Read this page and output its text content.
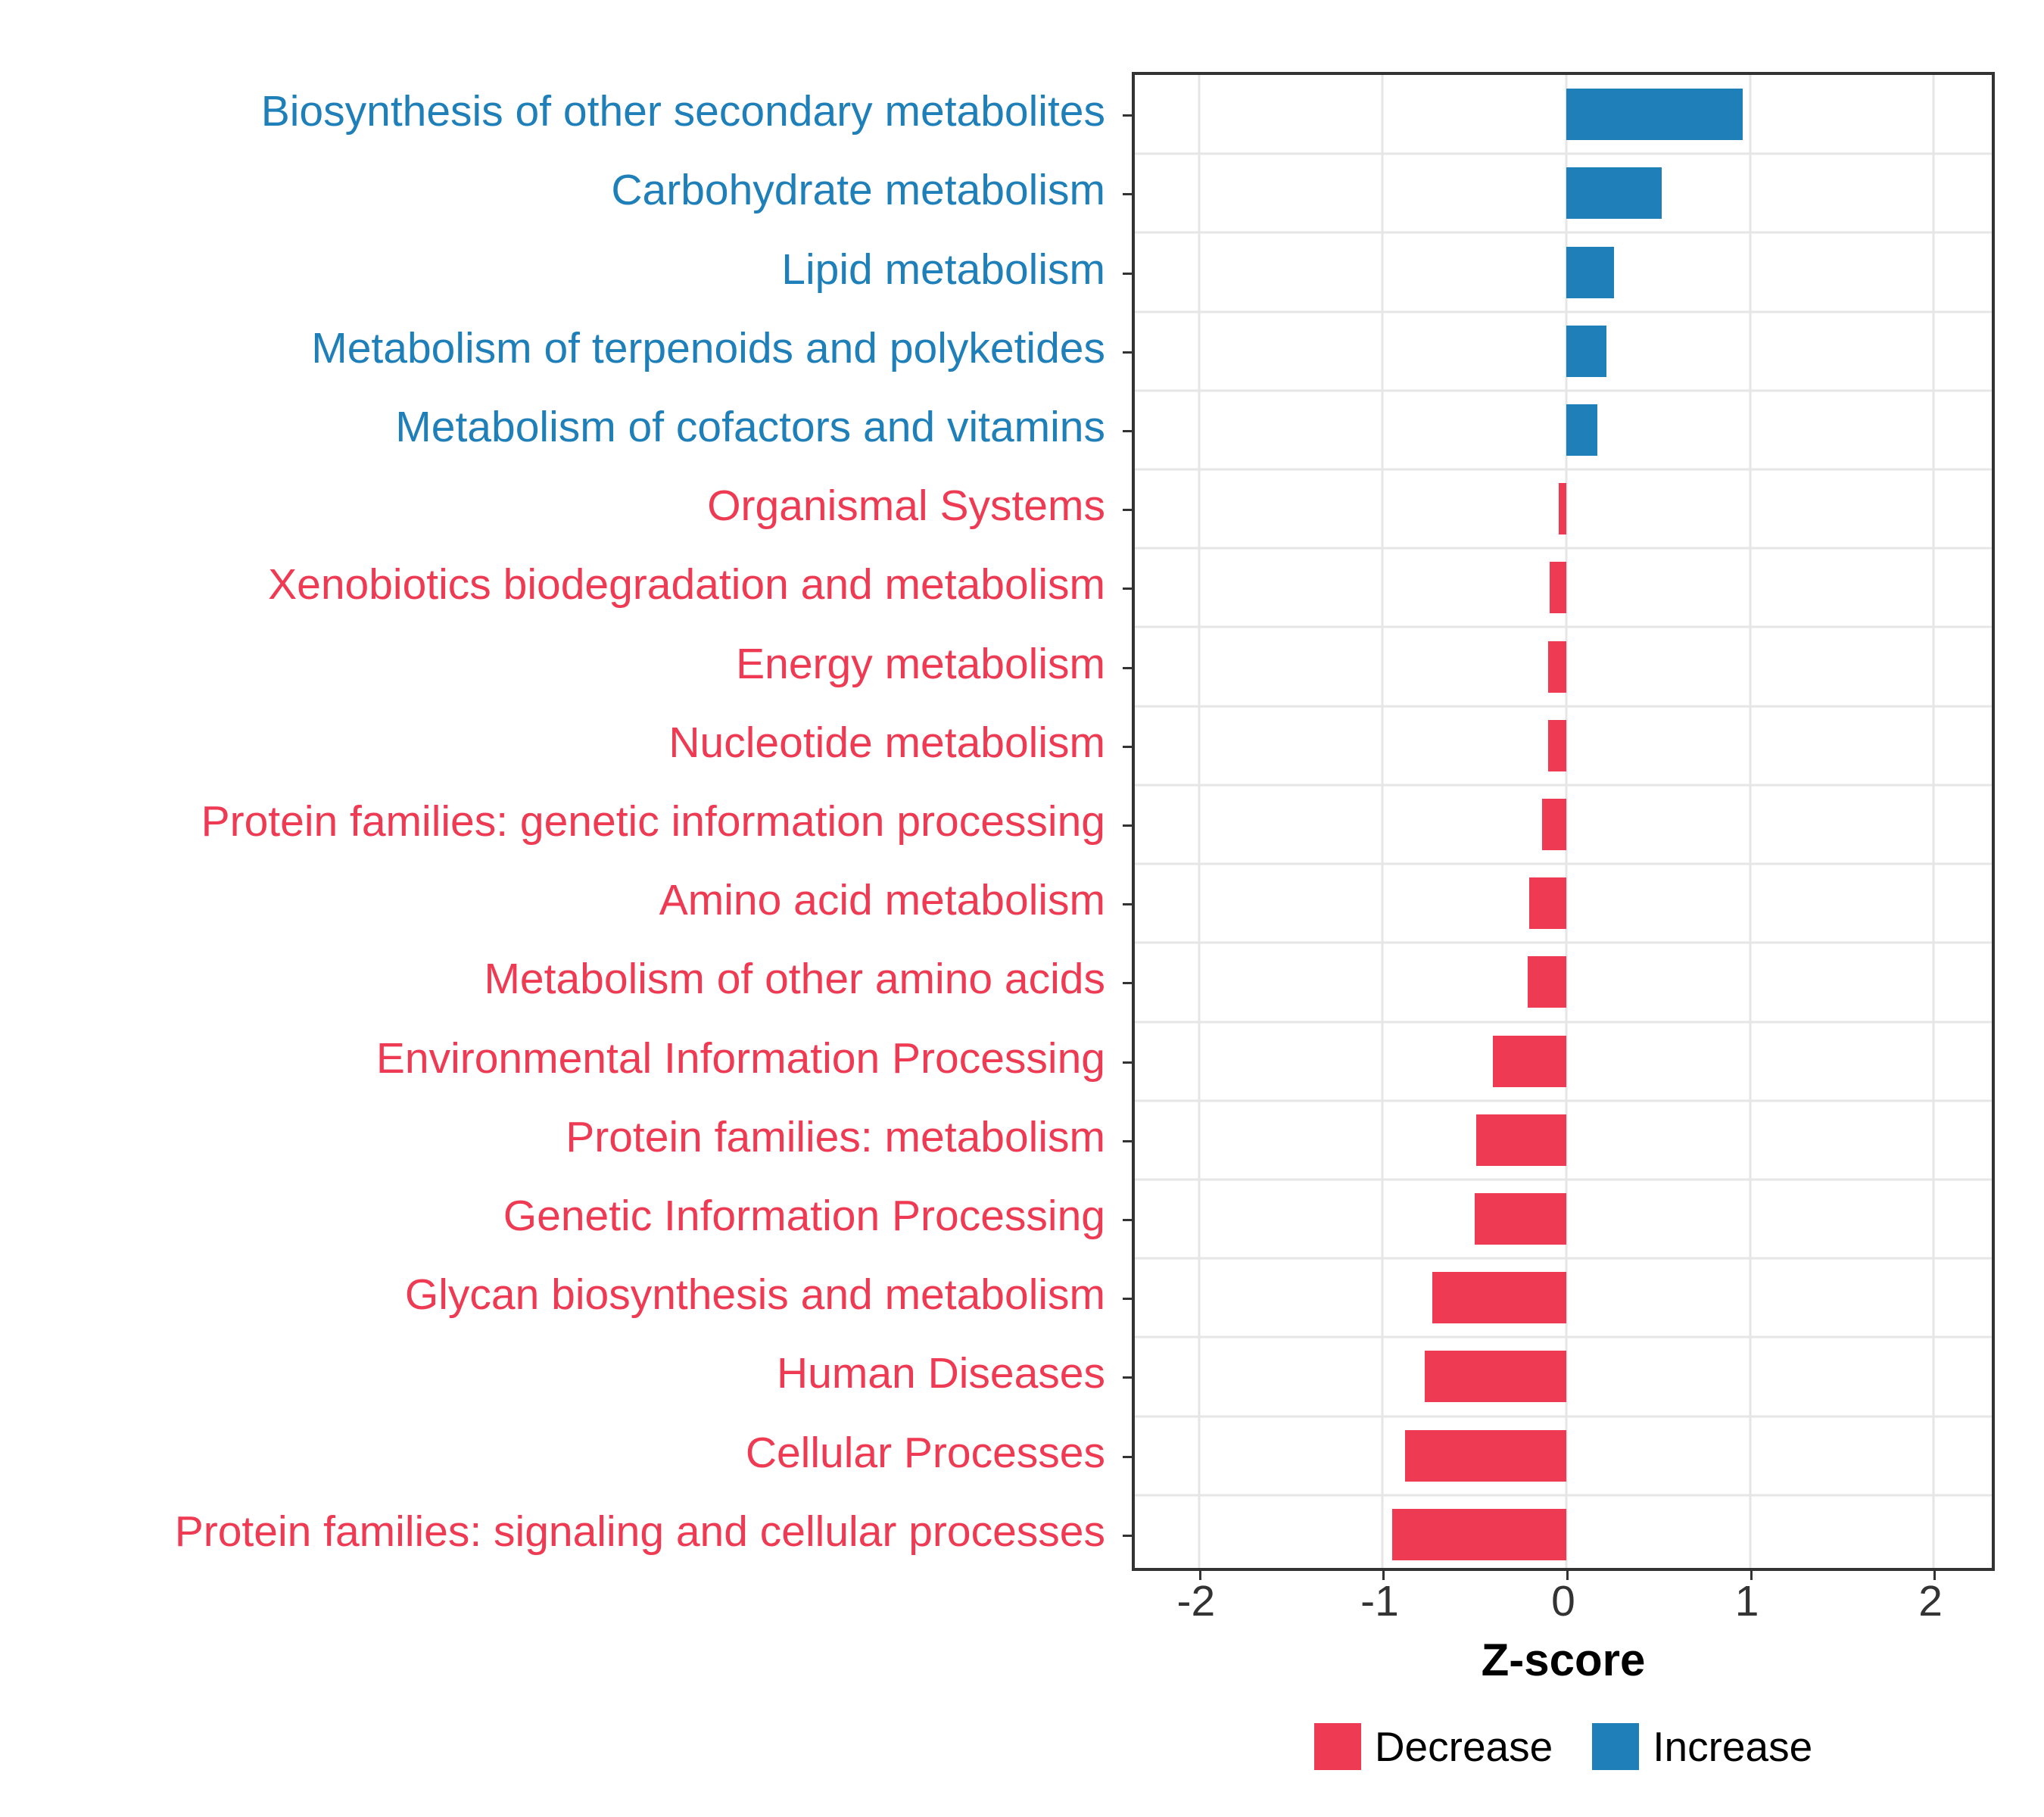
Biosynthesis of other secondary metabolites
Carbohydrate metabolism
Lipid metabolism
Metabolism of terpenoids and polyketides
Metabolism of cofactors and vitamins
Organismal Systems
Xenobiotics biodegradation and metabolism
Energy metabolism
Nucleotide metabolism
Protein families: genetic information processing
Amino acid metabolism
Metabolism of other amino acids
Environmental Information Processing
Protein families: metabolism
Genetic Information Processing
Glycan biosynthesis and metabolism
Human Diseases
Cellular Processes
Protein families: signaling and cellular processes
-2	-1	0	1	2
Z-score
Decrease Increase
